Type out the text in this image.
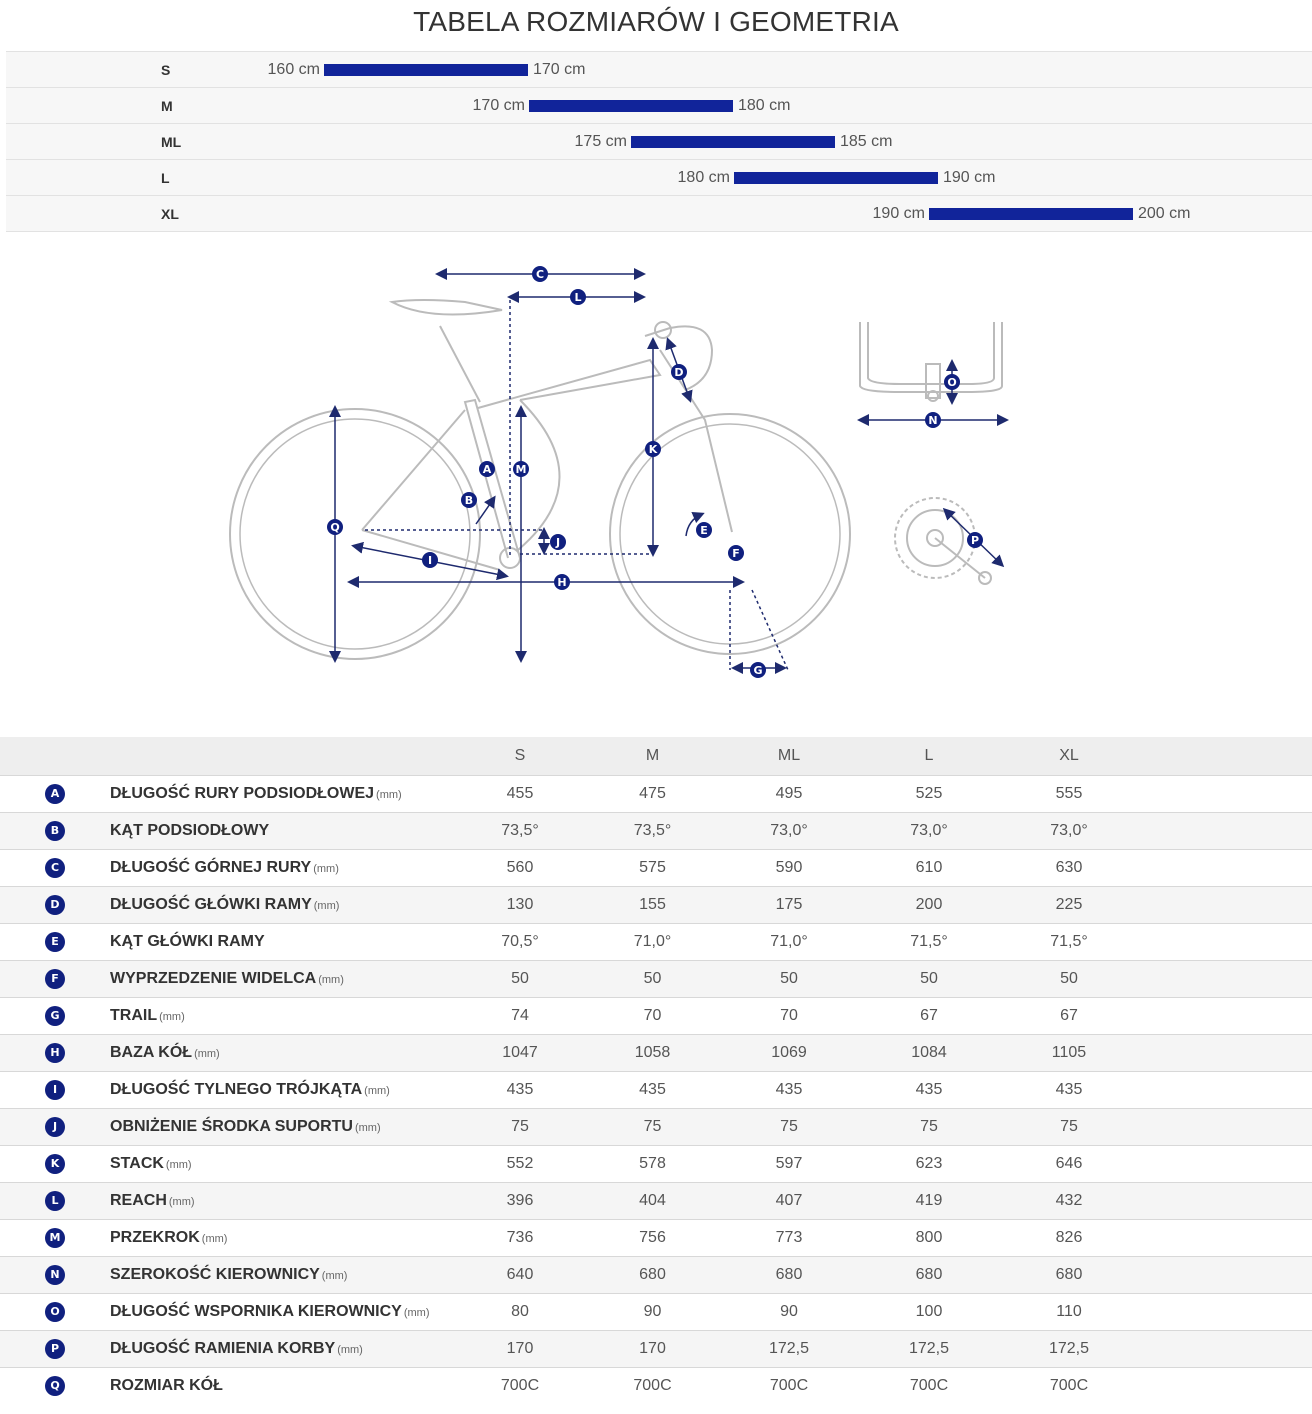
TABELA ROZMIARÓW I GEOMETRIA
S	160 cm	170 cm
M	170 cm	180 cm
ML	175 cm	185 cm
L	180 cm	190 cm
XL	190 cm	200 cm
C
L
D
K
M
A
B
Q
J
E
F
I
H
G
N
O
P
		S	M	ML	L	XL	
A	DŁUGOŚĆ RURY PODSIODŁOWEJ (mm)	455	475	495	525	555	
B	KĄT PODSIODŁOWY	73,5°	73,5°	73,0°	73,0°	73,0°	
C	DŁUGOŚĆ GÓRNEJ RURY (mm)	560	575	590	610	630	
D	DŁUGOŚĆ GŁÓWKI RAMY (mm)	130	155	175	200	225	
E	KĄT GŁÓWKI RAMY	70,5°	71,0°	71,0°	71,5°	71,5°	
F	WYPRZEDZENIE WIDELCA (mm)	50	50	50	50	50	
G	TRAIL (mm)	74	70	70	67	67	
H	BAZA KÓŁ (mm)	1047	1058	1069	1084	1105	
I	DŁUGOŚĆ TYLNEGO TRÓJKĄTA (mm)	435	435	435	435	435	
J	OBNIŻENIE ŚRODKA SUPORTU (mm)	75	75	75	75	75	
K	STACK (mm)	552	578	597	623	646	
L	REACH (mm)	396	404	407	419	432	
M	PRZEKROK (mm)	736	756	773	800	826	
N	SZEROKOŚĆ KIEROWNICY (mm)	640	680	680	680	680	
O	DŁUGOŚĆ WSPORNIKA KIEROWNICY (mm)	80	90	90	100	110	
P	DŁUGOŚĆ RAMIENIA KORBY (mm)	170	170	172,5	172,5	172,5	
Q	ROZMIAR KÓŁ	700C	700C	700C	700C	700C	
